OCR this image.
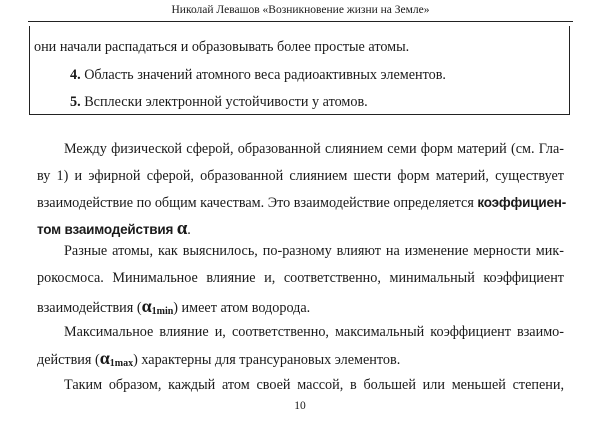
Николай Левашов «Возникновение жизни на Земле»
они начали распадаться и образовывать более простые атомы.
4. Область значений атомного веса радиоактивных элементов.
5. Всплески электронной устойчивости у атомов.
Между физической сферой, образованной слиянием семи форм материй (см. Гла-
ву 1) и эфирной сферой, образованной слиянием шести форм материй, существует
взаимодействие по общим качествам. Это взаимодействие определяется коэффициен-
том взаимодействия α.
Разные атомы, как выяснилось, по-разному влияют на изменение мерности мик-
рокосмоса. Минимальное влияние и, соответственно, минимальный коэффициент
взаимодействия $(\alpha_{1min})$ имеет атом водорода.
Максимальное влияние и, соответственно, максимальный коэффициент взаимо-
действия $(\alpha_{1max})$ характерны для трансурановых элементов.
Таким образом, каждый атом своей массой, в большей или меньшей степени,
10
